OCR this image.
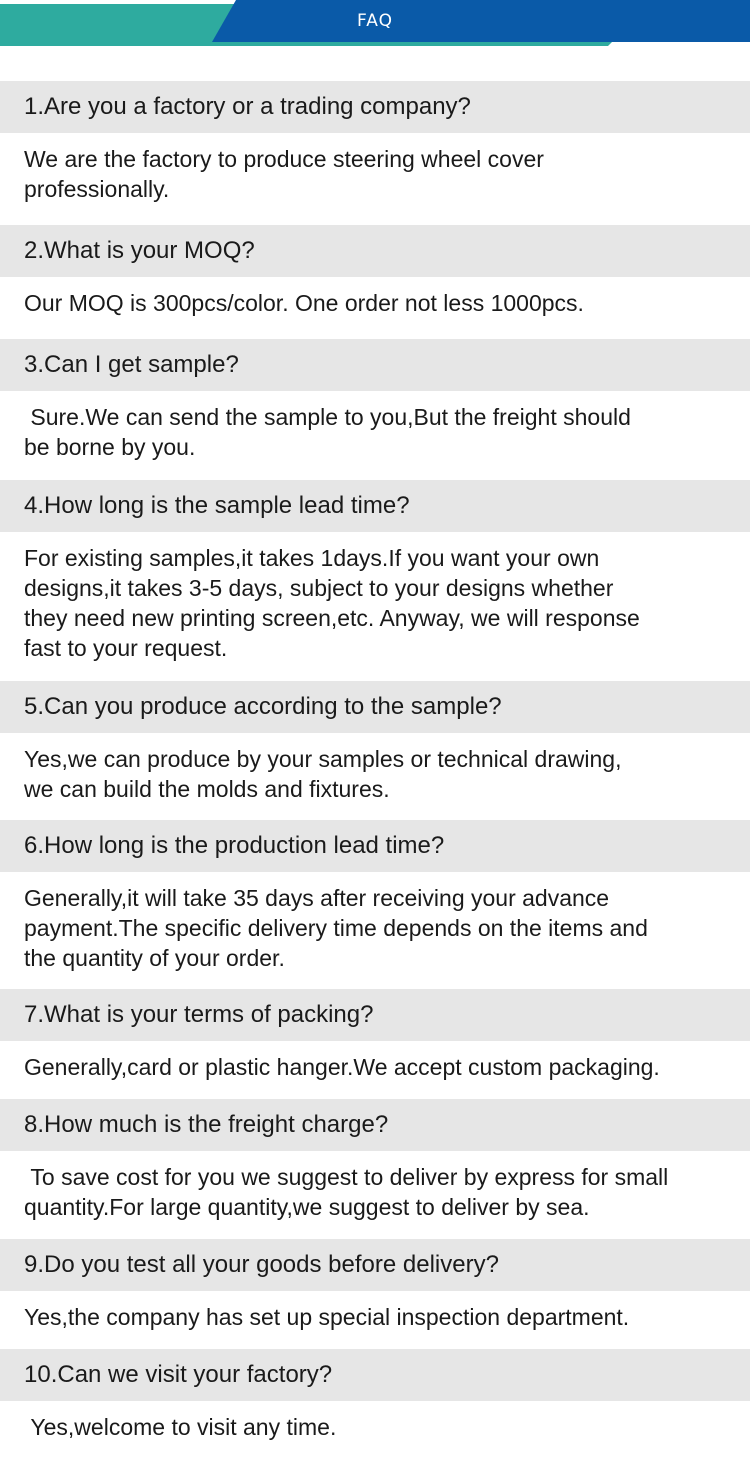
FAQ
1.Are you a factory or a trading company?
We are the factory to produce steering wheel cover
professionally.
2.What is your MOQ?
Our MOQ is 300pcs/color. One order not less 1000pcs.
3.Can I get sample?
Sure.We can send the sample to you,But the freight should
be borne by you.
4.How long is the sample lead time?
For existing samples,it takes 1days.If you want your own
designs,it takes 3-5 days, subject to your designs whether
they need new printing screen,etc. Anyway, we will response
fast to your request.
5.Can you produce according to the sample?
Yes,we can produce by your samples or technical drawing,
we can build the molds and fixtures.
6.How long is the production lead time?
Generally,it will take 35 days after receiving your advance
payment.The specific delivery time depends on the items and
the quantity of your order.
7.What is your terms of packing?
Generally,card or plastic hanger.We accept custom packaging.
8.How much is the freight charge?
To save cost for you we suggest to deliver by express for small
quantity.For large quantity,we suggest to deliver by sea.
9.Do you test all your goods before delivery?
Yes,the company has set up special inspection department.
10.Can we visit your factory?
Yes,welcome to visit any time.
